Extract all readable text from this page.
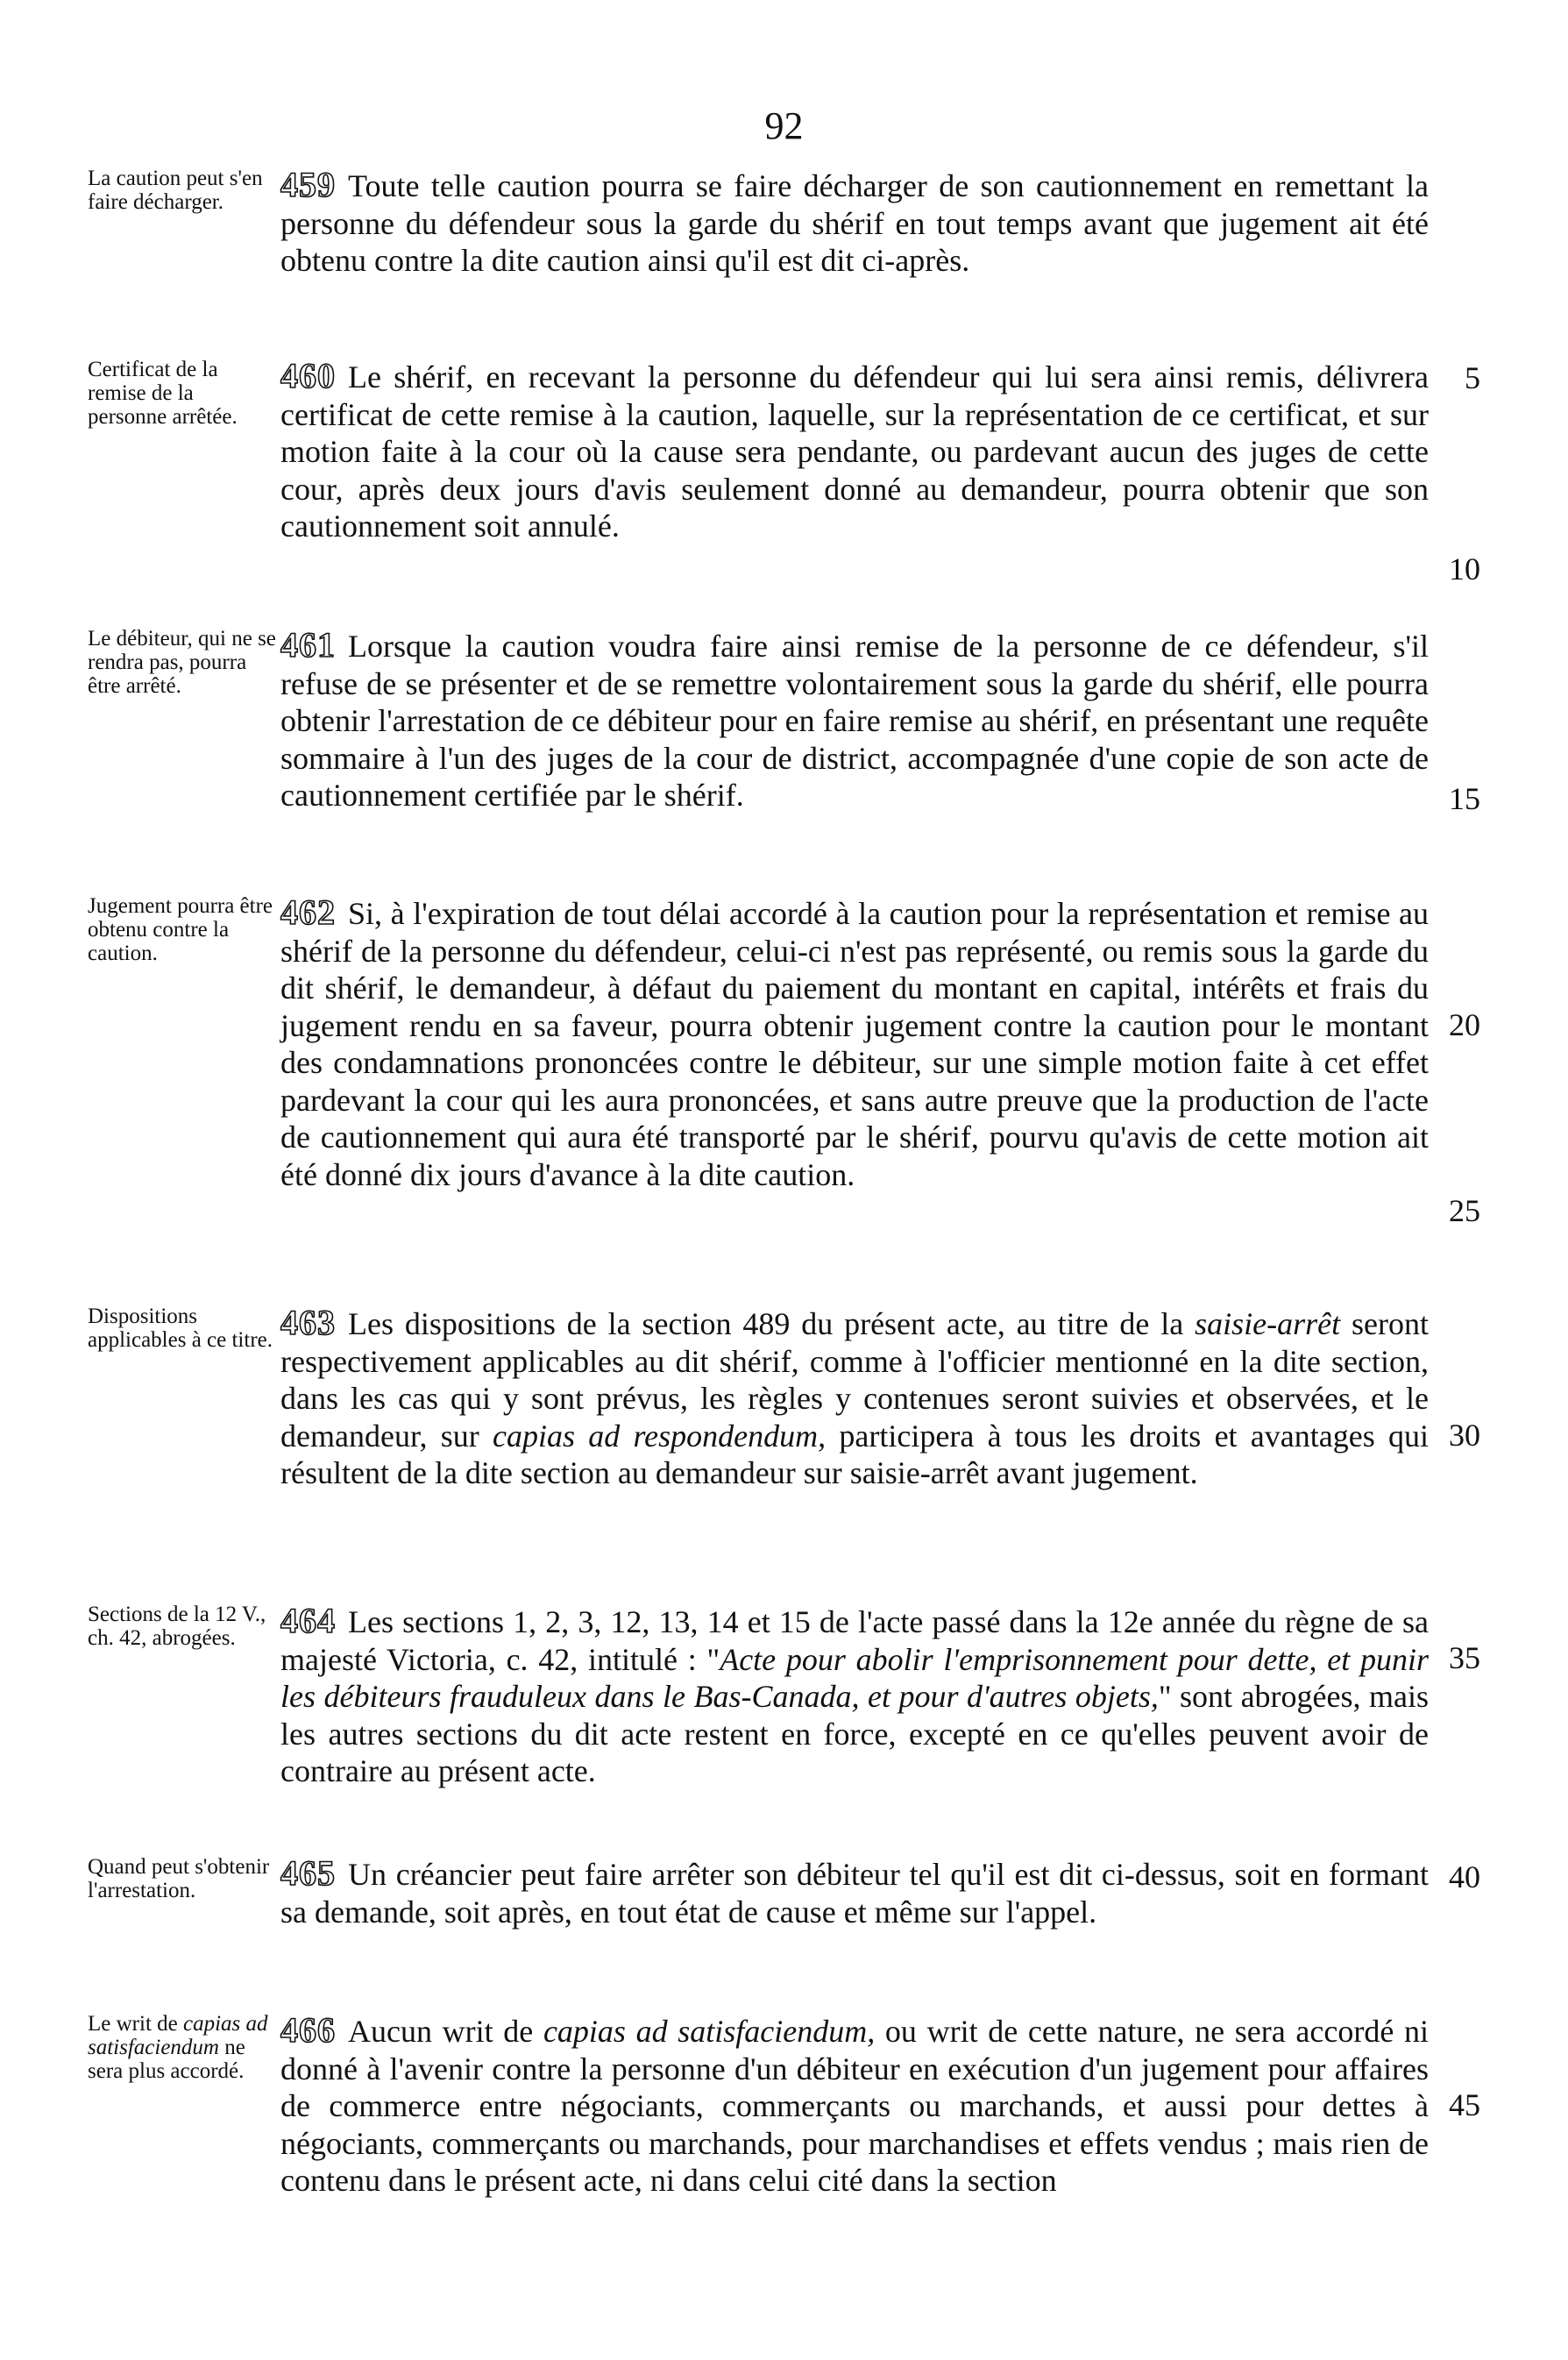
92
La caution peut s'en faire décharger.	459 Toute telle caution pourra se faire décharger de son cautionnement en remettant la personne du défendeur sous la garde du shérif en tout temps avant que jugement ait été obtenu contre la dite caution ainsi qu'il est dit ci-après.
Certificat de la remise de la personne arrêtée.
460 Le shérif, en recevant la personne du défendeur qui lui sera ainsi remis, délivrera certificat de cette remise à la caution, laquelle, sur la représentation de ce certificat, et sur motion faite à la cour où la cause sera pendante, ou pardevant aucun des juges de cette cour, après deux jours d'avis seulement donné au demandeur, pourra obtenir que son cautionnement soit annulé.
Le débiteur, qui ne se rendra pas, pourra être arrêté.
461 Lorsque la caution voudra faire ainsi remise de la personne de ce défendeur, s'il refuse de se présenter et de se remettre volontairement sous la garde du shérif, elle pourra obtenir l'arrestation de ce débiteur pour en faire remise au shérif, en présentant une requête sommaire à l'un des juges de la cour de district, accompagnée d'une copie de son acte de cautionnement certifiée par le shérif.
Jugement pourra être obtenu contre la caution.
462 Si, à l'expiration de tout délai accordé à la caution pour la représentation et remise au shérif de la personne du défendeur, celui-ci n'est pas représenté, ou remis sous la garde du dit shérif, le demandeur, à défaut du paiement du montant en capital, intérêts et frais du jugement rendu en sa faveur, pourra obtenir jugement contre la caution pour le montant des condamnations prononcées contre le débiteur, sur une simple motion faite à cet effet pardevant la cour qui les aura prononcées, et sans autre preuve que la production de l'acte de cautionnement qui aura été transporté par le shérif, pourvu qu'avis de cette motion ait été donné dix jours d'avance à la dite caution.
Dispositions applicables à ce titre. 463 Les dispositions de la section 489 du présent acte, au titre de la saisie-arrêt seront respectivement applicables au dit shérif, comme à l'officier mentionné en la dite section, dans les cas qui y sont prévus, les règles y contenues seront suivies et observées, et le demandeur, sur capias ad respondendum, participera à tous les droits et avantages qui résultent de la dite section au demandeur sur saisie-arrêt avant jugement.
Sections de la 12 V., ch. 42, abrogées.	464 Les sections 1, 2, 3, 12, 13, 14 et 15 de l'acte passé dans la 12e année du règne de sa majesté Victoria, c. 42, intitulé : "Acte pour abolir l'emprisonnement pour dette, et punir les débiteurs frauduleux dans le Bas-Canada, et pour d'autres objets," sont abrogées, mais les autres sections du dit acte restent en force, excepté en ce qu'elles peuvent avoir de contraire au présent acte.
Quand peut s'obtenir l'arrestation.	465 Un créancier peut faire arrêter son débiteur tel qu'il est dit ci-dessus, soit en formant sa demande, soit après, en tout état de cause et même sur l'appel.
Le writ de capias ad satisfaciendum ne sera plus accordé.
466 Aucun writ de capias ad satisfaciendum, ou writ de cette nature, ne sera accordé ni donné à l'avenir contre la personne d'un débiteur en exécution d'un jugement pour affaires de commerce entre négociants, commerçants ou marchands, et aussi pour dettes à négociants, commerçants ou marchands, pour marchandises et effets vendus ; mais rien de contenu dans le présent acte, ni dans celui cité dans la section
5
10
15
20
25
30
35
40
45
